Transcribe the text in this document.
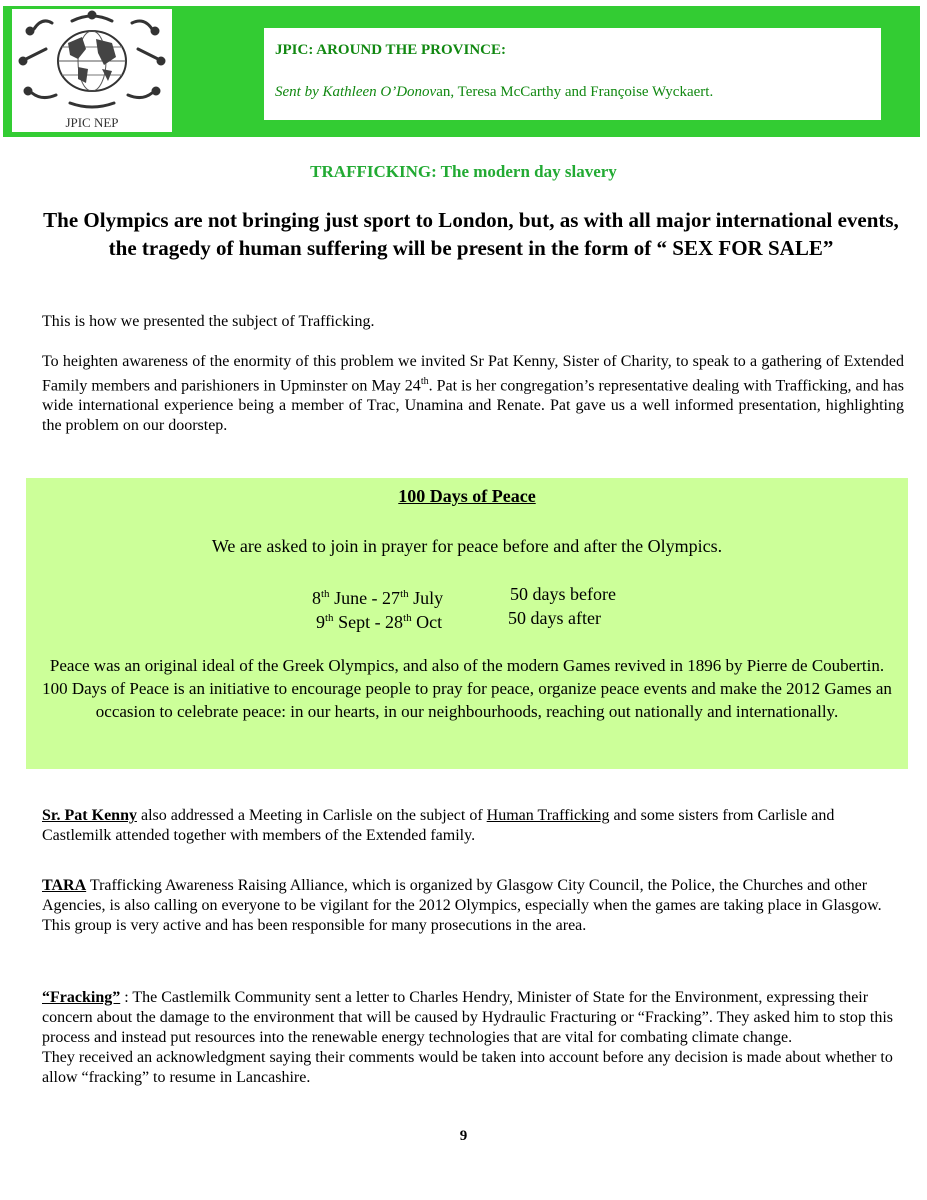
JPIC NEP
JPIC: AROUND THE PROVINCE:
Sent by Kathleen O’Donovan, Teresa McCarthy and Françoise Wyckaert.
TRAFFICKING: The modern day slavery
The Olympics are not bringing just sport to London, but, as with all major international events, the tragedy of human suffering will be present in the form of “ SEX FOR SALE”
This is how we presented the subject of Trafficking.
To heighten awareness of the enormity of this problem we invited Sr Pat Kenny, Sister of Charity, to speak to a gathering of Extended Family members and parishioners in Upminster on May 24th. Pat is her congregation’s representative dealing with Trafficking, and has wide international experience being a member of Trac, Unamina and Renate. Pat gave us a well informed presentation, highlighting the problem on our doorstep.
100 Days of Peace
We are asked to join in prayer for peace before and after the Olympics.
8th June - 27th July	50 days before
9th Sept - 28th Oct	50 days after
Peace was an original ideal of the Greek Olympics, and also of the modern Games revived in 1896 by Pierre de Coubertin. 100 Days of Peace is an initiative to encourage people to pray for peace, organize peace events and make the 2012 Games an occasion to celebrate peace: in our hearts, in our neighbourhoods, reaching out nationally and internationally.
Sr. Pat Kenny also addressed a Meeting in Carlisle on the subject of Human Trafficking and some sisters from Carlisle and Castlemilk attended together with members of the Extended family.
TARA Trafficking Awareness Raising Alliance, which is organized by Glasgow City Council, the Police, the Churches and other Agencies, is also calling on everyone to be vigilant for the 2012 Olympics, especially when the games are taking place in Glasgow. This group is very active and has been responsible for many prosecutions in the area.
“Fracking” : The Castlemilk Community sent a letter to Charles Hendry, Minister of State for the Environment, expressing their concern about the damage to the environment that will be caused by Hydraulic Fracturing or “Fracking”. They asked him to stop this process and instead put resources into the renewable energy technologies that are vital for combating climate change.
They received an acknowledgment saying their comments would be taken into account before any decision is made about whether to allow “fracking” to resume in Lancashire.
9
